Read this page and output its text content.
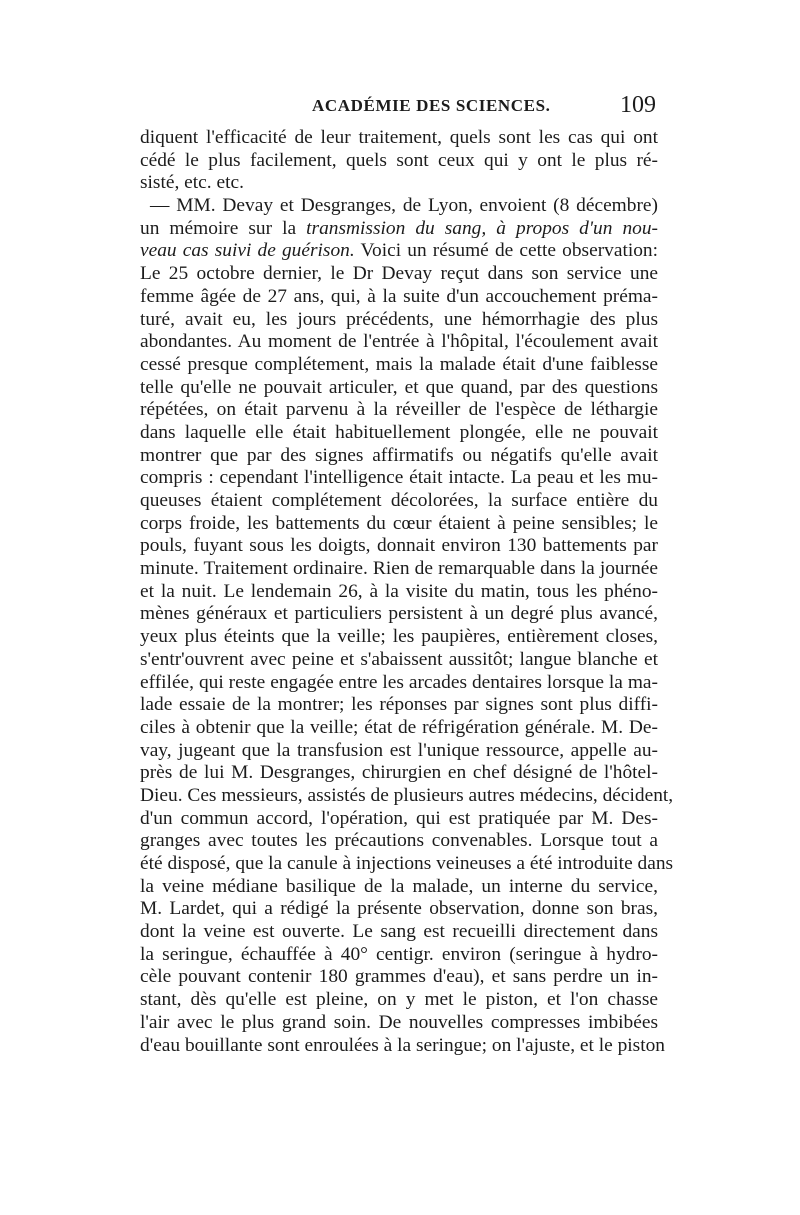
ACADÉMIE DES SCIENCES.	109
diquent l'efficacité de leur traitement, quels sont les cas qui ont
cédé le plus facilement, quels sont ceux qui y ont le plus ré-
sisté, etc. etc.
— MM. Devay et Desgranges, de Lyon, envoient (8 décembre)
un mémoire sur la transmission du sang, à propos d'un nou-
veau cas suivi de guérison. Voici un résumé de cette observation:
Le 25 octobre dernier, le Dr Devay reçut dans son service une
femme âgée de 27 ans, qui, à la suite d'un accouchement préma-
turé, avait eu, les jours précédents, une hémorrhagie des plus
abondantes. Au moment de l'entrée à l'hôpital, l'écoulement avait
cessé presque complétement, mais la malade était d'une faiblesse
telle qu'elle ne pouvait articuler, et que quand, par des questions
répétées, on était parvenu à la réveiller de l'espèce de léthargie
dans laquelle elle était habituellement plongée, elle ne pouvait
montrer que par des signes affirmatifs ou négatifs qu'elle avait
compris : cependant l'intelligence était intacte. La peau et les mu-
queuses étaient complétement décolorées, la surface entière du
corps froide, les battements du cœur étaient à peine sensibles; le
pouls, fuyant sous les doigts, donnait environ 130 battements par
minute. Traitement ordinaire. Rien de remarquable dans la journée
et la nuit. Le lendemain 26, à la visite du matin, tous les phéno-
mènes généraux et particuliers persistent à un degré plus avancé,
yeux plus éteints que la veille; les paupières, entièrement closes,
s'entr'ouvrent avec peine et s'abaissent aussitôt; langue blanche et
effilée, qui reste engagée entre les arcades dentaires lorsque la ma-
lade essaie de la montrer; les réponses par signes sont plus diffi-
ciles à obtenir que la veille; état de réfrigération générale. M. De-
vay, jugeant que la transfusion est l'unique ressource, appelle au-
près de lui M. Desgranges, chirurgien en chef désigné de l'hôtel-
Dieu. Ces messieurs, assistés de plusieurs autres médecins, décident,
d'un commun accord, l'opération, qui est pratiquée par M. Des-
granges avec toutes les précautions convenables. Lorsque tout a
été disposé, que la canule à injections veineuses a été introduite dans
la veine médiane basilique de la malade, un interne du service,
M. Lardet, qui a rédigé la présente observation, donne son bras,
dont la veine est ouverte. Le sang est recueilli directement dans
la seringue, échauffée à 40° centigr. environ (seringue à hydro-
cèle pouvant contenir 180 grammes d'eau), et sans perdre un in-
stant, dès qu'elle est pleine, on y met le piston, et l'on chasse
l'air avec le plus grand soin. De nouvelles compresses imbibées
d'eau bouillante sont enroulées à la seringue; on l'ajuste, et le piston
